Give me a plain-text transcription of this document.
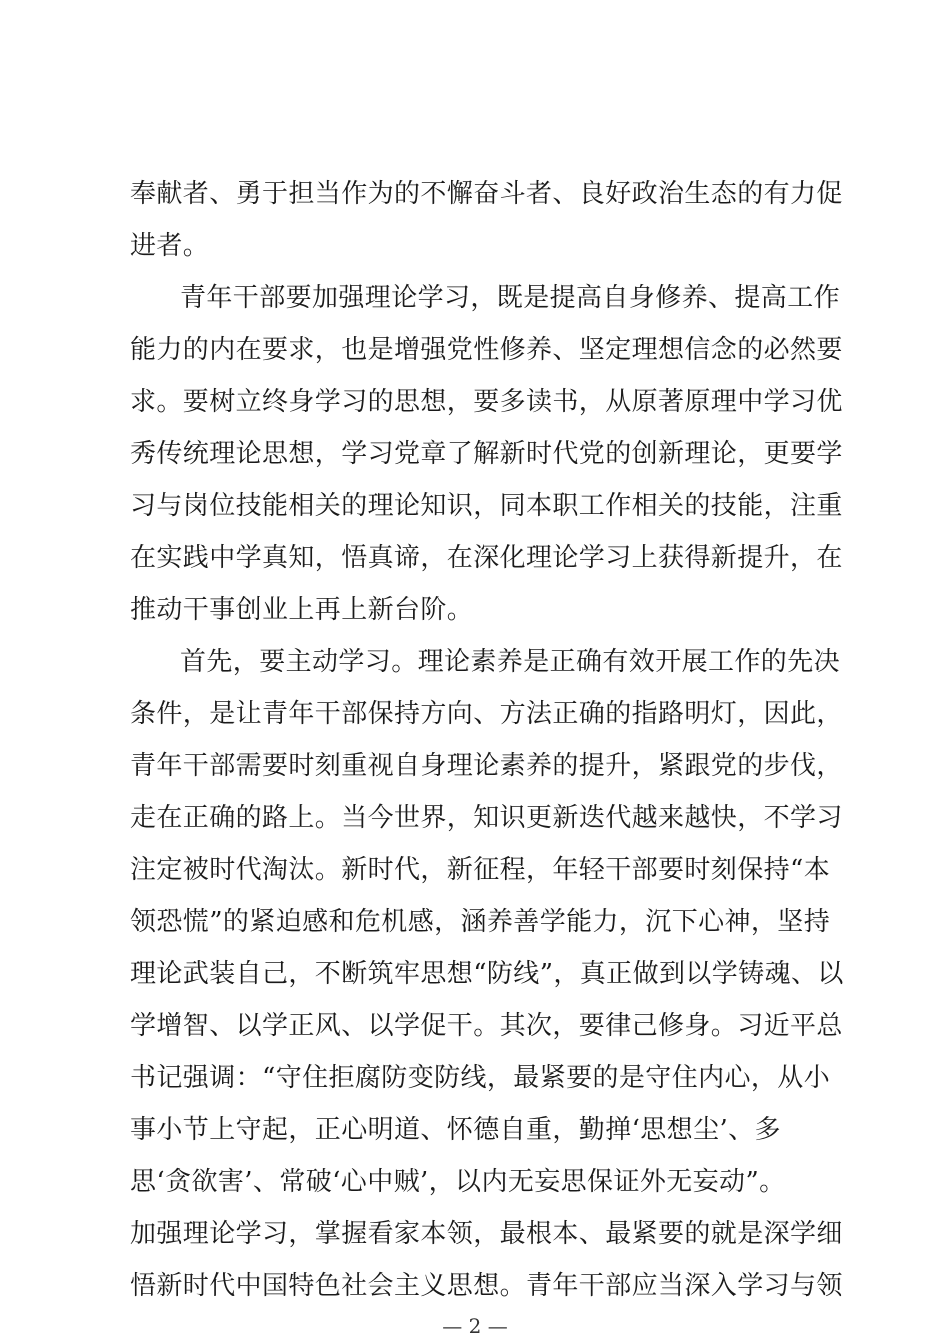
奉献者、勇于担当作为的不懈奋斗者、良好政治生态的有力促
进者。
青年干部要加强理论学习，既是提高自身修养、提高工作
能力的内在要求，也是增强党性修养、坚定理想信念的必然要
求。要树立终身学习的思想，要多读书，从原著原理中学习优
秀传统理论思想，学习党章了解新时代党的创新理论，更要学
习与岗位技能相关的理论知识，同本职工作相关的技能，注重
在实践中学真知，悟真谛，在深化理论学习上获得新提升，在
推动干事创业上再上新台阶。
首先，要主动学习。理论素养是正确有效开展工作的先决
条件，是让青年干部保持方向、方法正确的指路明灯，因此，
青年干部需要时刻重视自身理论素养的提升，紧跟党的步伐，
走在正确的路上。当今世界，知识更新迭代越来越快，不学习
注定被时代淘汰。新时代，新征程，年轻干部要时刻保持“本
领恐慌”的紧迫感和危机感，涵养善学能力，沉下心神，坚持
理论武装自己，不断筑牢思想“防线”，真正做到以学铸魂、以
学增智、以学正风、以学促干。其次，要律己修身。习近平总
书记强调：“守住拒腐防变防线，最紧要的是守住内心，从小
事小节上守起，正心明道、怀德自重，勤掸‘思想尘’、多
思‘贪欲害’、常破‘心中贼’，以内无妄思保证外无妄动”。
加强理论学习，掌握看家本领，最根本、最紧要的就是深学细
悟新时代中国特色社会主义思想。青年干部应当深入学习与领
— 2 —
